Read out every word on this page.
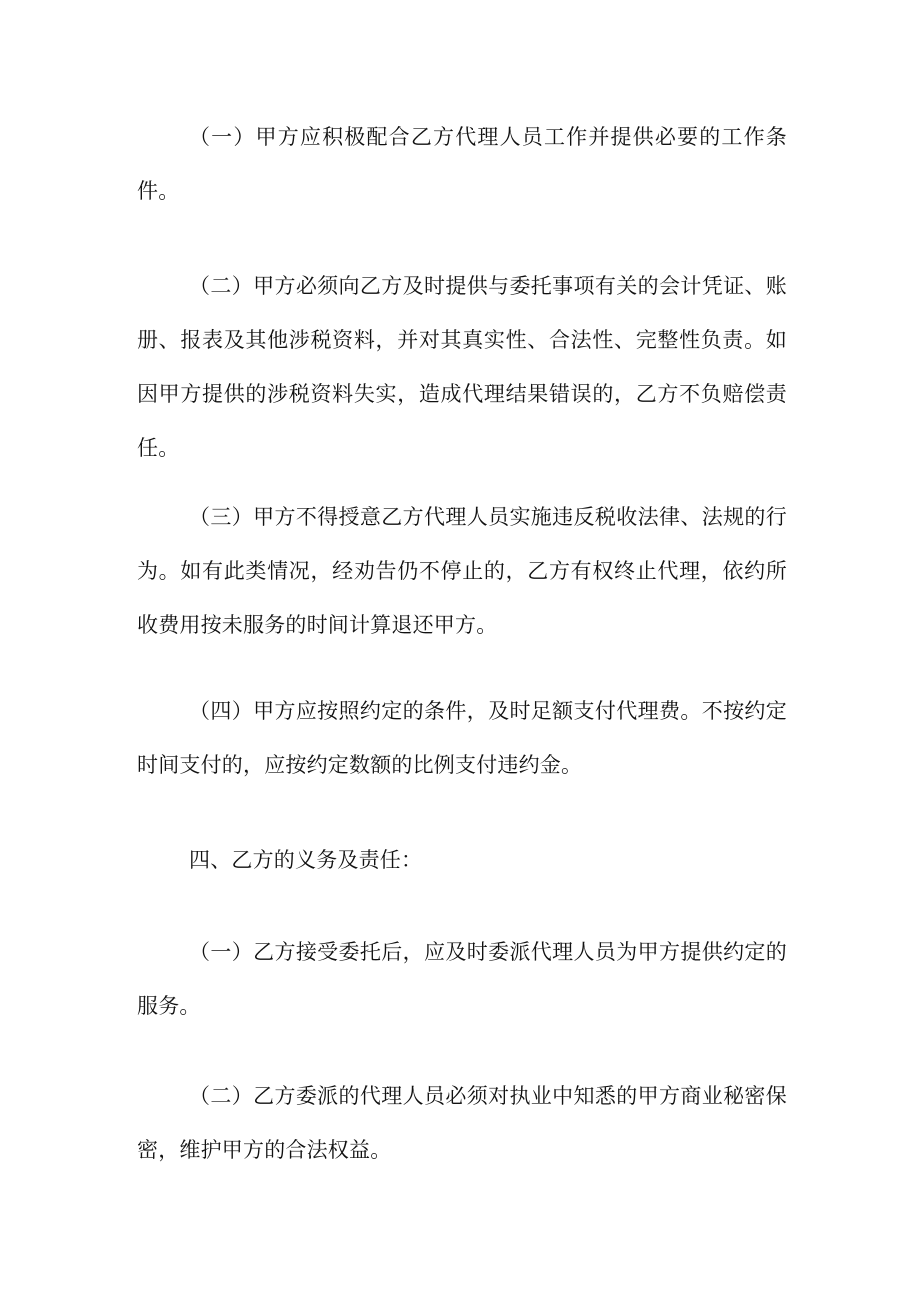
（一）甲方应积极配合乙方代理人员工作并提供必要的工作条件。

（二）甲方必须向乙方及时提供与委托事项有关的会计凭证、账册、报表及其他涉税资料，并对其真实性、合法性、完整性负责。如因甲方提供的涉税资料失实，造成代理结果错误的，乙方不负赔偿责任。

（三）甲方不得授意乙方代理人员实施违反税收法律、法规的行为。如有此类情况，经劝告仍不停止的，乙方有权终止代理，依约所收费用按未服务的时间计算退还甲方。

（四）甲方应按照约定的条件，及时足额支付代理费。不按约定时间支付的，应按约定数额的比例支付违约金。

四、乙方的义务及责任：

（一）乙方接受委托后，应及时委派代理人员为甲方提供约定的服务。

（二）乙方委派的代理人员必须对执业中知悉的甲方商业秘密保密，维护甲方的合法权益。
